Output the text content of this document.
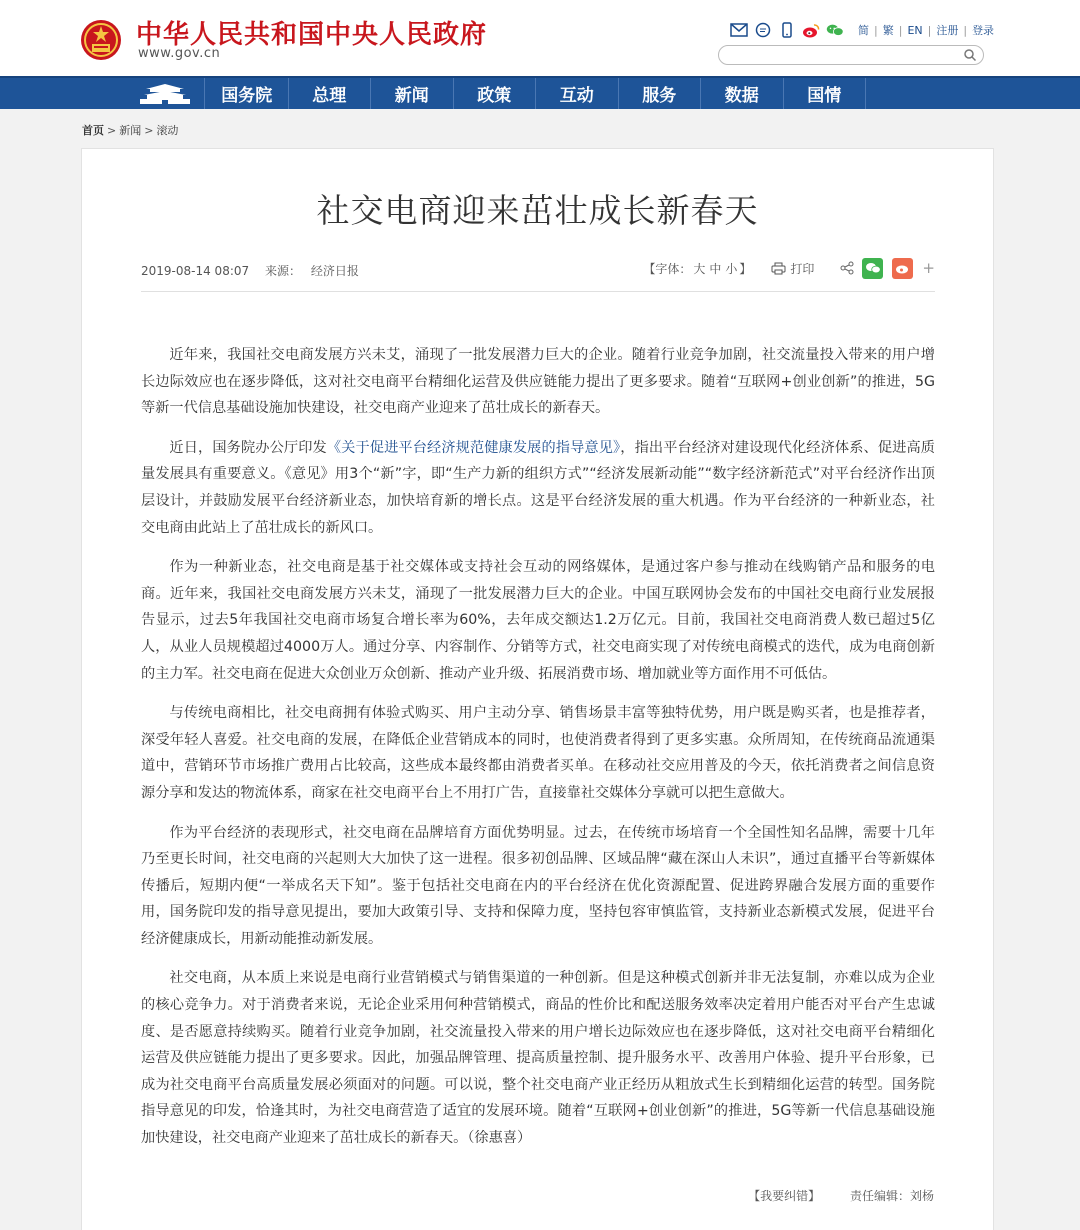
中华人民共和国中央人民政府
www.gov.cn
简 | 繁 | EN | 注册 | 登录
国务院	总理	新闻	政策	互动	服务	数据	国情
首页 > 新闻 > 滚动
社交电商迎来茁壮成长新春天
2019-08-14 08:07 来源： 经济日报	【字体： 大 中 小 】	打印	+

近年来，我国社交电商发展方兴未艾，涌现了一批发展潜力巨大的企业。随着行业竞争加剧，社交流量投入带来的用户增长边际效应也在逐步降低，这对社交电商平台精细化运营及供应链能力提出了更多要求。随着“互联网+创业创新”的推进，5G等新一代信息基础设施加快建设，社交电商产业迎来了茁壮成长的新春天。

近日，国务院办公厅印发《关于促进平台经济规范健康发展的指导意见》，指出平台经济对建设现代化经济体系、促进高质量发展具有重要意义。《意见》用3个“新”字，即“生产力新的组织方式”“经济发展新动能”“数字经济新范式”对平台经济作出顶层设计，并鼓励发展平台经济新业态，加快培育新的增长点。这是平台经济发展的重大机遇。作为平台经济的一种新业态，社交电商由此站上了茁壮成长的新风口。

作为一种新业态，社交电商是基于社交媒体或支持社会互动的网络媒体，是通过客户参与推动在线购销产品和服务的电商。近年来，我国社交电商发展方兴未艾，涌现了一批发展潜力巨大的企业。中国互联网协会发布的中国社交电商行业发展报告显示，过去5年我国社交电商市场复合增长率为60%，去年成交额达1.2万亿元。目前，我国社交电商消费人数已超过5亿人，从业人员规模超过4000万人。通过分享、内容制作、分销等方式，社交电商实现了对传统电商模式的迭代，成为电商创新的主力军。社交电商在促进大众创业万众创新、推动产业升级、拓展消费市场、增加就业等方面作用不可低估。

与传统电商相比，社交电商拥有体验式购买、用户主动分享、销售场景丰富等独特优势，用户既是购买者，也是推荐者，深受年轻人喜爱。社交电商的发展，在降低企业营销成本的同时，也使消费者得到了更多实惠。众所周知，在传统商品流通渠道中，营销环节市场推广费用占比较高，这些成本最终都由消费者买单。在移动社交应用普及的今天，依托消费者之间信息资源分享和发达的物流体系，商家在社交电商平台上不用打广告，直接靠社交媒体分享就可以把生意做大。

作为平台经济的表现形式，社交电商在品牌培育方面优势明显。过去，在传统市场培育一个全国性知名品牌，需要十几年乃至更长时间，社交电商的兴起则大大加快了这一进程。很多初创品牌、区域品牌“藏在深山人未识”，通过直播平台等新媒体传播后，短期内便“一举成名天下知”。鉴于包括社交电商在内的平台经济在优化资源配置、促进跨界融合发展方面的重要作用，国务院印发的指导意见提出，要加大政策引导、支持和保障力度，坚持包容审慎监管，支持新业态新模式发展，促进平台经济健康成长，用新动能推动新发展。

社交电商，从本质上来说是电商行业营销模式与销售渠道的一种创新。但是这种模式创新并非无法复制，亦难以成为企业的核心竞争力。对于消费者来说，无论企业采用何种营销模式，商品的性价比和配送服务效率决定着用户能否对平台产生忠诚度、是否愿意持续购买。随着行业竞争加剧，社交流量投入带来的用户增长边际效应也在逐步降低，这对社交电商平台精细化运营及供应链能力提出了更多要求。因此，加强品牌管理、提高质量控制、提升服务水平、改善用户体验、提升平台形象，已成为社交电商平台高质量发展必须面对的问题。可以说，整个社交电商产业正经历从粗放式生长到精细化运营的转型。国务院指导意见的印发，恰逢其时，为社交电商营造了适宜的发展环境。随着“互联网+创业创新”的推进，5G等新一代信息基础设施加快建设，社交电商产业迎来了茁壮成长的新春天。（徐惠喜）

【我要纠错】 责任编辑：刘杨
